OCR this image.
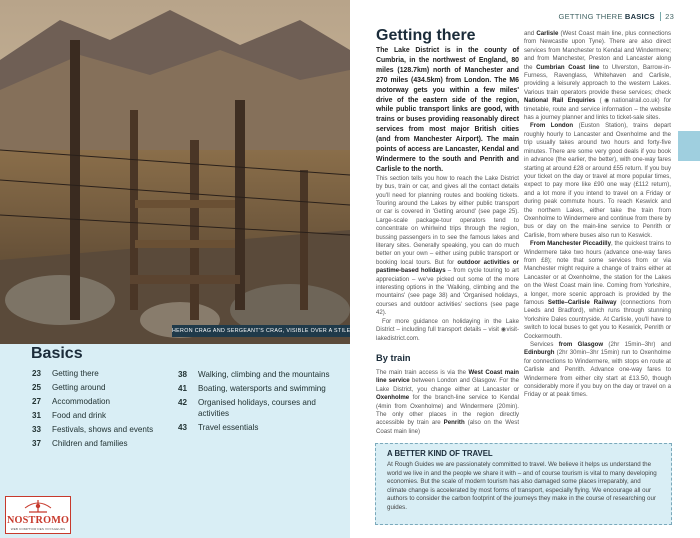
HERON CRAG AND SERGEANT'S CRAG, VISIBLE OVER A STILE
Basics
23	Getting there
25	Getting around
27	Accommodation
31	Food and drink
33	Festivals, shows and events
37	Children and families
38	Walking, climbing and the mountains
41	Boating, watersports and swimming
42	Organised holidays, courses and activities
43	Travel essentials
NOSTROMO
WEB COMPTOIR DES VOYAGEURS
GETTING THERE BASICS 23
Getting there

The Lake District is in the county of Cumbria, in the northwest of England, 80 miles (128.7km) north of Manchester and 270 miles (434.5km) from London. The M6 motorway gets you within a few miles' drive of the eastern side of the region, while public transport links are good, with trains or buses providing reasonably direct services from most major British cities (and from Manchester Airport). The main points of access are Lancaster, Kendal and Windermere to the south and Penrith and Carlisle to the north.

This section tells you how to reach the Lake District by bus, train or car, and gives all the contact details you'll need for planning routes and booking tickets. Touring around the Lakes by either public transport or car is covered in 'Getting around' (see page 25). Large-scale package-tour operators tend to concentrate on whirlwind trips through the region, bussing passengers in to see the famous lakes and literary sites. Generally speaking, you can do much better on your own – either using public transport or booking local tours. But for outdoor activities or pastime-based holidays – from cycle touring to art appreciation – we've picked out some of the more interesting options in the 'Walking, climbing and the mountains' (see page 38) and 'Organised holidays, courses and outdoor activities' sections (see page 42).

For more guidance on holidaying in the Lake District – including full transport details – visit ◉visit-lakedistrict.com.

By train

The main train access is via the West Coast main line service between London and Glasgow. For the Lake District, you change either at Lancaster or Oxenholme for the branch-line service to Kendal (4min from Oxenholme) and Windermere (20min). The only other places in the region directly accessible by train are Penrith (also on the West Coast main line)

and Carlisle (West Coast main line, plus connections from Newcastle upon Tyne). There are also direct services from Manchester to Kendal and Windermere; and from Manchester, Preston and Lancaster along the Cumbrian Coast line to Ulverston, Barrow-in-Furness, Ravenglass, Whitehaven and Carlisle, providing a leisurely approach to the western Lakes. Various train operators provide these services; check National Rail Enquiries (◉nationalrail.co.uk) for timetable, route and service information – the website has a journey planner and links to ticket-sale sites.

From London (Euston Station), trains depart roughly hourly to Lancaster and Oxenholme and the trip usually takes around two hours and forty-five minutes. There are some very good deals if you book in advance (the earlier, the better), with one-way fares starting at around £28 or around £55 return. If you buy your ticket on the day or travel at more popular times, expect to pay more like £90 one way (£112 return), and a lot more if you intend to travel on a Friday or during peak commute hours. To reach Keswick and the northern Lakes, either take the train from Oxenholme to Windermere and continue from there by bus or day on the main-line service to Penrith or Carlisle, from where buses also run to Keswick.

From Manchester Piccadilly, the quickest trains to Windermere take two hours (advance one-way fares from £8); note that some services from or via Manchester might require a change of trains either at Lancaster or at Oxenholme, the station for the Lakes on the West Coast main line. Coming from Yorkshire, a longer, more scenic approach is provided by the famous Settle–Carlisle Railway (connections from Leeds and Bradford), which runs through stunning Yorkshire Dales countryside. At Carlisle, you'll have to switch to local buses to get you to Keswick, Penrith or Cockermouth.

Services from Glasgow (2hr 15min–3hr) and Edinburgh (2hr 30min–3hr 15min) run to Oxenholme for connections to Windermere, with stops en route at Carlisle and Penrith. Advance one-way fares to Windermere from either city start at £13.50, though considerably more if you buy on the day or travel on a Friday or at peak times.

A BETTER KIND OF TRAVEL
At Rough Guides we are passionately committed to travel. We believe it helps us understand the world we live in and the people we share it with – and of course tourism is vital to many developing economies. But the scale of modern tourism has also damaged some places irreparably, and climate change is accelerated by most forms of transport, especially flying. We encourage all our authors to consider the carbon footprint of the journeys they make in the course of researching our guides.
